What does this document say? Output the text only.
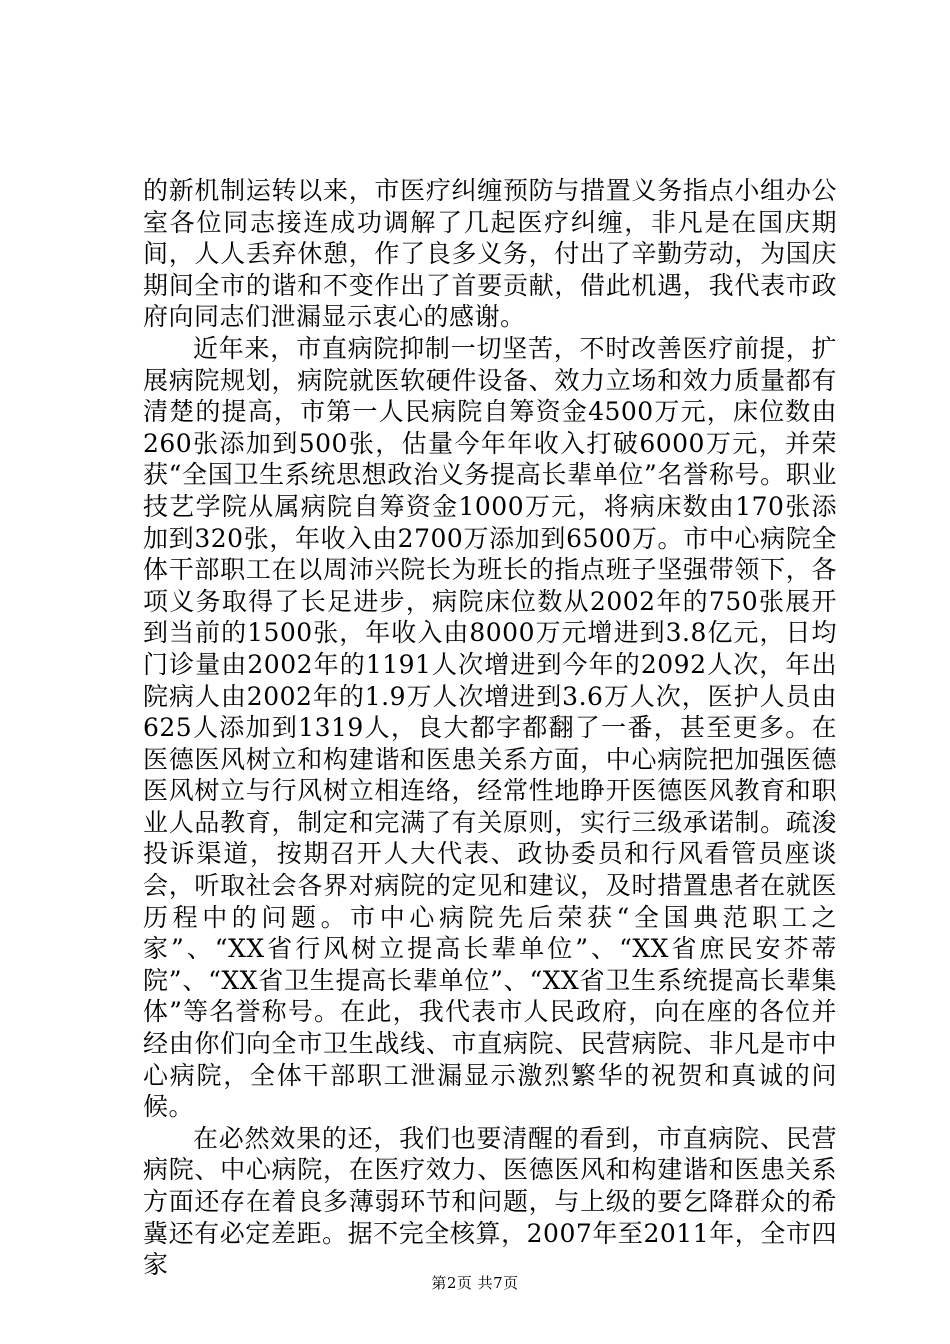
的新机制运转以来，市医疗纠缠预防与措置义务指点小组办公室各位同志接连成功调解了几起医疗纠缠，非凡是在国庆期间，人人丢弃休憩，作了良多义务，付出了辛勤劳动，为国庆期间全市的谐和不变作出了首要贡献，借此机遇，我代表市政府向同志们泄漏显示衷心的感谢。

近年来，市直病院抑制一切坚苦，不时改善医疗前提，扩展病院规划，病院就医软硬件设备、效力立场和效力质量都有清楚的提高，市第一人民病院自筹资金4500万元，床位数由260张添加到500张，估量今年年收入打破6000万元，并荣获“全国卫生系统思想政治义务提高长辈单位”名誉称号。职业技艺学院从属病院自筹资金1000万元，将病床数由170张添加到320张，年收入由2700万添加到6500万。市中心病院全体干部职工在以周沛兴院长为班长的指点班子坚强带领下，各项义务取得了长足进步，病院床位数从2002年的750张展开到当前的1500张，年收入由8000万元增进到3.8亿元，日均门诊量由2002年的1191人次增进到今年的2092人次，年出院病人由2002年的1.9万人次增进到3.6万人次，医护人员由625人添加到1319人，良大都字都翻了一番，甚至更多。在医德医风树立和构建谐和医患关系方面，中心病院把加强医德医风树立与行风树立相连络，经常性地睁开医德医风教育和职业人品教育，制定和完满了有关原则，实行三级承诺制。疏浚投诉渠道，按期召开人大代表、政协委员和行风看管员座谈会，听取社会各界对病院的定见和建议，及时措置患者在就医历程中的问题。市中心病院先后荣获“全国典范职工之家”、“XX省行风树立提高长辈单位”、“XX省庶民安芥蒂院”、“XX省卫生提高长辈单位”、“XX省卫生系统提高长辈集体”等名誉称号。在此，我代表市人民政府，向在座的各位并经由你们向全市卫生战线、市直病院、民营病院、非凡是市中心病院，全体干部职工泄漏显示激烈繁华的祝贺和真诚的问候。

在必然效果的还，我们也要清醒的看到，市直病院、民营病院、中心病院，在医疗效力、医德医风和构建谐和医患关系方面还存在着良多薄弱环节和问题，与上级的要乞降群众的希冀还有必定差距。据不完全核算，2007年至2011年，全市四家

第2页 共7页
